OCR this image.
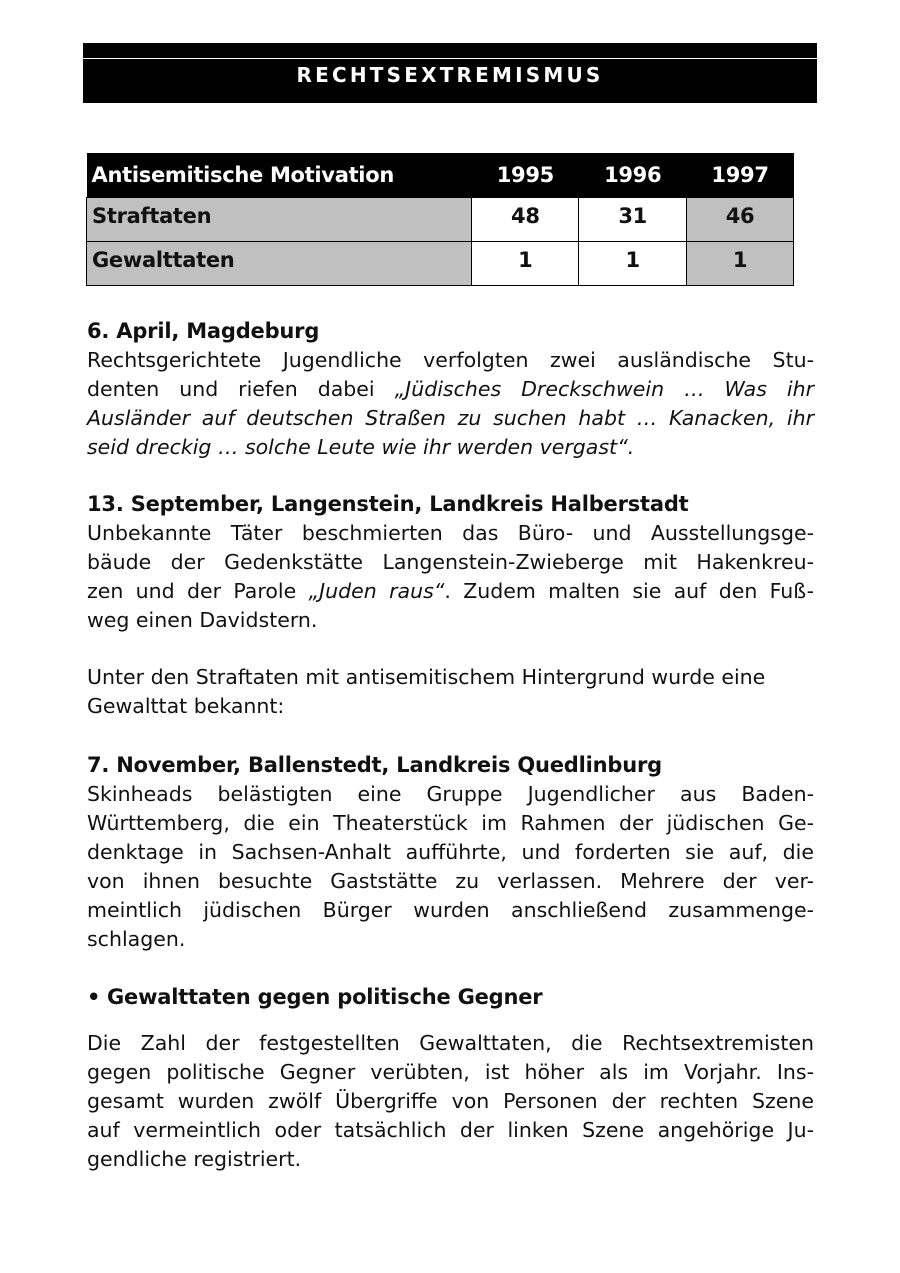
RECHTSEXTREMISMUS
Antisemitische Motivation	1995	1996	1997
Straftaten	48	31	46
Gewalttaten	1	1	1
6. April, Magdeburg
Rechtsgerichtete Jugendliche verfolgten zwei ausländische Stu-
denten und riefen dabei „Jüdisches Dreckschwein … Was ihr
Ausländer auf deutschen Straßen zu suchen habt … Kanacken, ihr
seid dreckig … solche Leute wie ihr werden vergast“.
13. September, Langenstein, Landkreis Halberstadt
Unbekannte Täter beschmierten das Büro- und Ausstellungsge-
bäude der Gedenkstätte Langenstein-Zwieberge mit Hakenkreu-
zen und der Parole „Juden raus“. Zudem malten sie auf den Fuß-
weg einen Davidstern.
Unter den Straftaten mit antisemitischem Hintergrund wurde eine
Gewalttat bekannt:
7. November, Ballenstedt, Landkreis Quedlinburg
Skinheads belästigten eine Gruppe Jugendlicher aus Baden-
Württemberg, die ein Theaterstück im Rahmen der jüdischen Ge-
denktage in Sachsen-Anhalt aufführte, und forderten sie auf, die
von ihnen besuchte Gaststätte zu verlassen. Mehrere der ver-
meintlich jüdischen Bürger wurden anschließend zusammenge-
schlagen.
• Gewalttaten gegen politische Gegner
Die Zahl der festgestellten Gewalttaten, die Rechtsextremisten
gegen politische Gegner verübten, ist höher als im Vorjahr. Ins-
gesamt wurden zwölf Übergriffe von Personen der rechten Szene
auf vermeintlich oder tatsächlich der linken Szene angehörige Ju-
gendliche registriert.
